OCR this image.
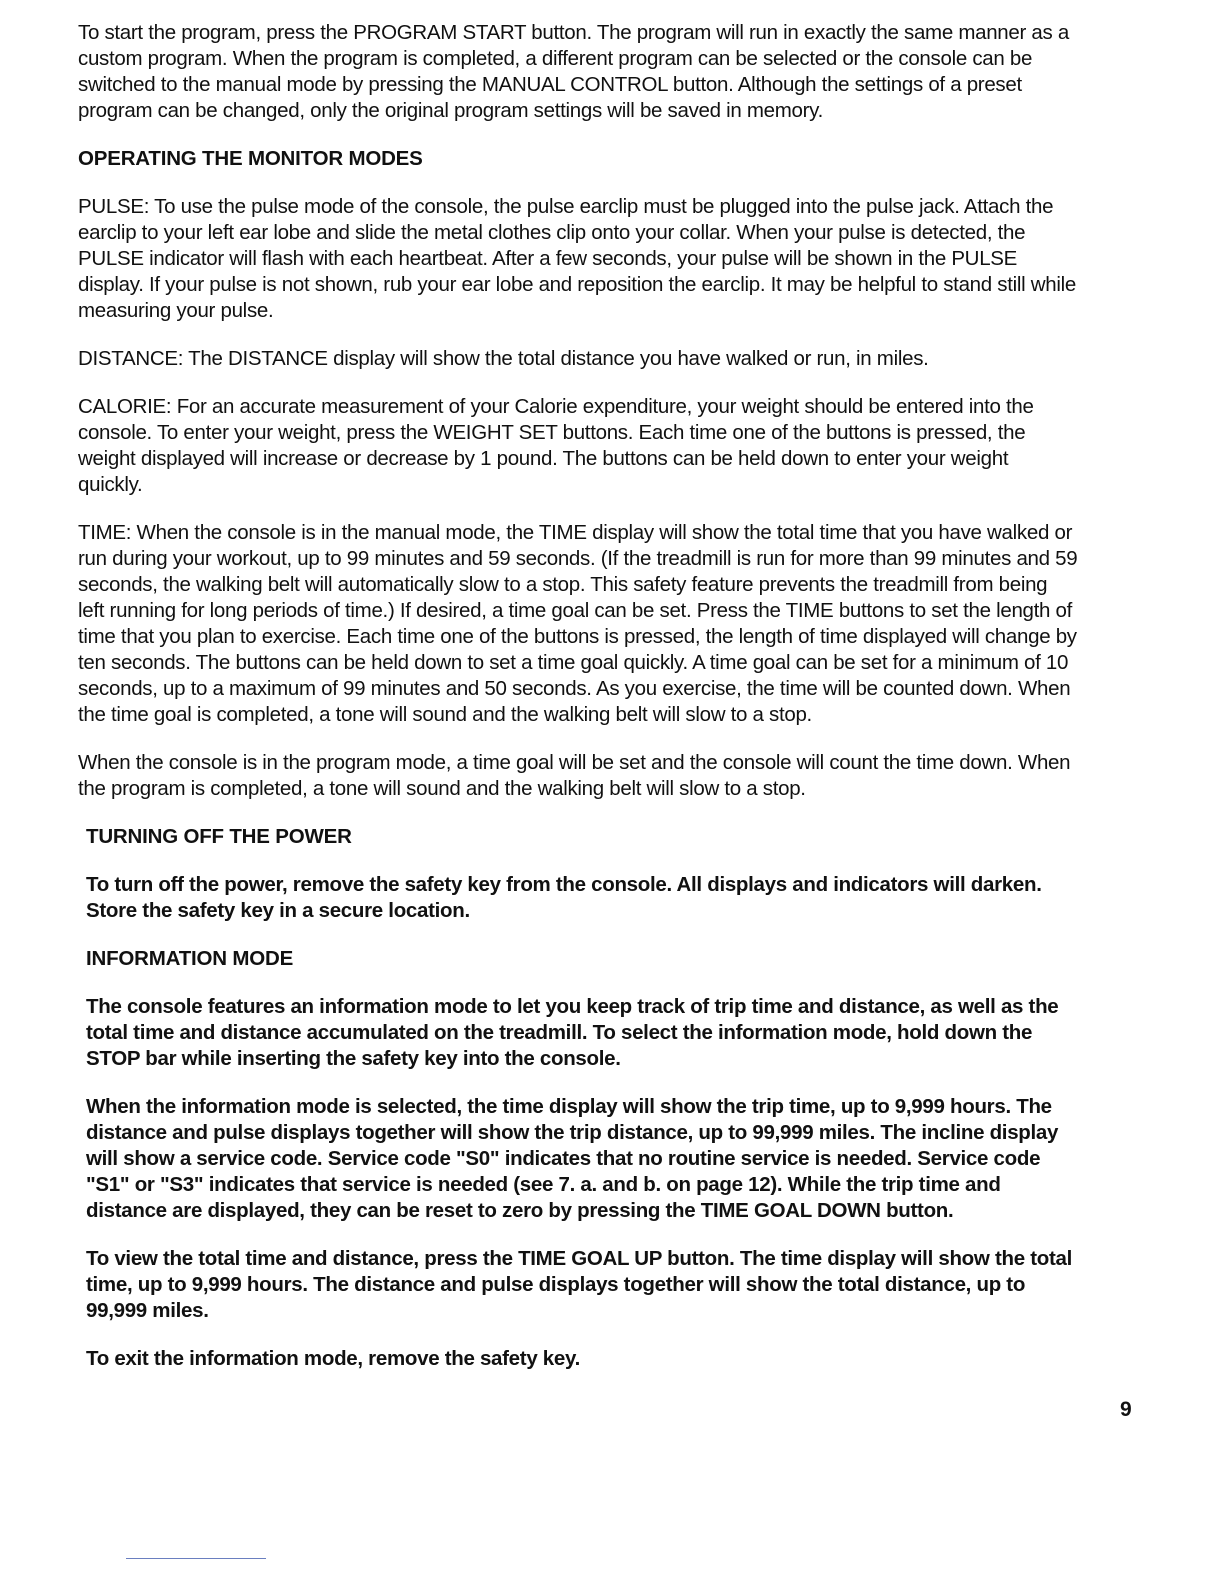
To start the program, press the PROGRAM START button. The program will run in exactly the same manner as a custom program. When the program is completed, a different program can be selected or the console can be switched to the manual mode by pressing the MANUAL CONTROL button. Although the settings of a preset program can be changed, only the original program settings will be saved in memory.

OPERATING THE MONITOR MODES

PULSE: To use the pulse mode of the console, the pulse earclip must be plugged into the pulse jack. Attach the earclip to your left ear lobe and slide the metal clothes clip onto your collar. When your pulse is detected, the PULSE indicator will flash with each heartbeat. After a few seconds, your pulse will be shown in the PULSE display. If your pulse is not shown, rub your ear lobe and reposition the earclip. It may be helpful to stand still while measuring your pulse.

DISTANCE: The DISTANCE display will show the total distance you have walked or run, in miles.

CALORIE: For an accurate measurement of your Calorie expenditure, your weight should be entered into the console. To enter your weight, press the WEIGHT SET buttons. Each time one of the buttons is pressed, the weight displayed will increase or decrease by 1 pound. The buttons can be held down to enter your weight quickly.

TIME: When the console is in the manual mode, the TIME display will show the total time that you have walked or run during your workout, up to 99 minutes and 59 seconds. (If the treadmill is run for more than 99 minutes and 59 seconds, the walking belt will automatically slow to a stop. This safety feature prevents the treadmill from being left running for long periods of time.) If desired, a time goal can be set. Press the TIME buttons to set the length of time that you plan to exercise. Each time one of the buttons is pressed, the length of time displayed will change by ten seconds. The buttons can be held down to set a time goal quickly. A time goal can be set for a minimum of 10 seconds, up to a maximum of 99 minutes and 50 seconds. As you exercise, the time will be counted down. When the time goal is completed, a tone will sound and the walking belt will slow to a stop.

When the console is in the program mode, a time goal will be set and the console will count the time down. When the program is completed, a tone will sound and the walking belt will slow to a stop.

TURNING OFF THE POWER

To turn off the power, remove the safety key from the console. All displays and indicators will darken. Store the safety key in a secure location.

INFORMATION MODE

The console features an information mode to let you keep track of trip time and distance, as well as the total time and distance accumulated on the treadmill. To select the information mode, hold down the STOP bar while inserting the safety key into the console.

When the information mode is selected, the time display will show the trip time, up to 9,999 hours. The distance and pulse displays together will show the trip distance, up to 99,999 miles. The incline display will show a service code. Service code "S0" indicates that no routine service is needed. Service code "S1" or "S3" indicates that service is needed (see 7. a. and b. on page 12). While the trip time and distance are displayed, they can be reset to zero by pressing the TIME GOAL DOWN button.

To view the total time and distance, press the TIME GOAL UP button. The time display will show the total time, up to 9,999 hours. The distance and pulse displays together will show the total distance, up to 99,999 miles.

To exit the information mode, remove the safety key.

9
